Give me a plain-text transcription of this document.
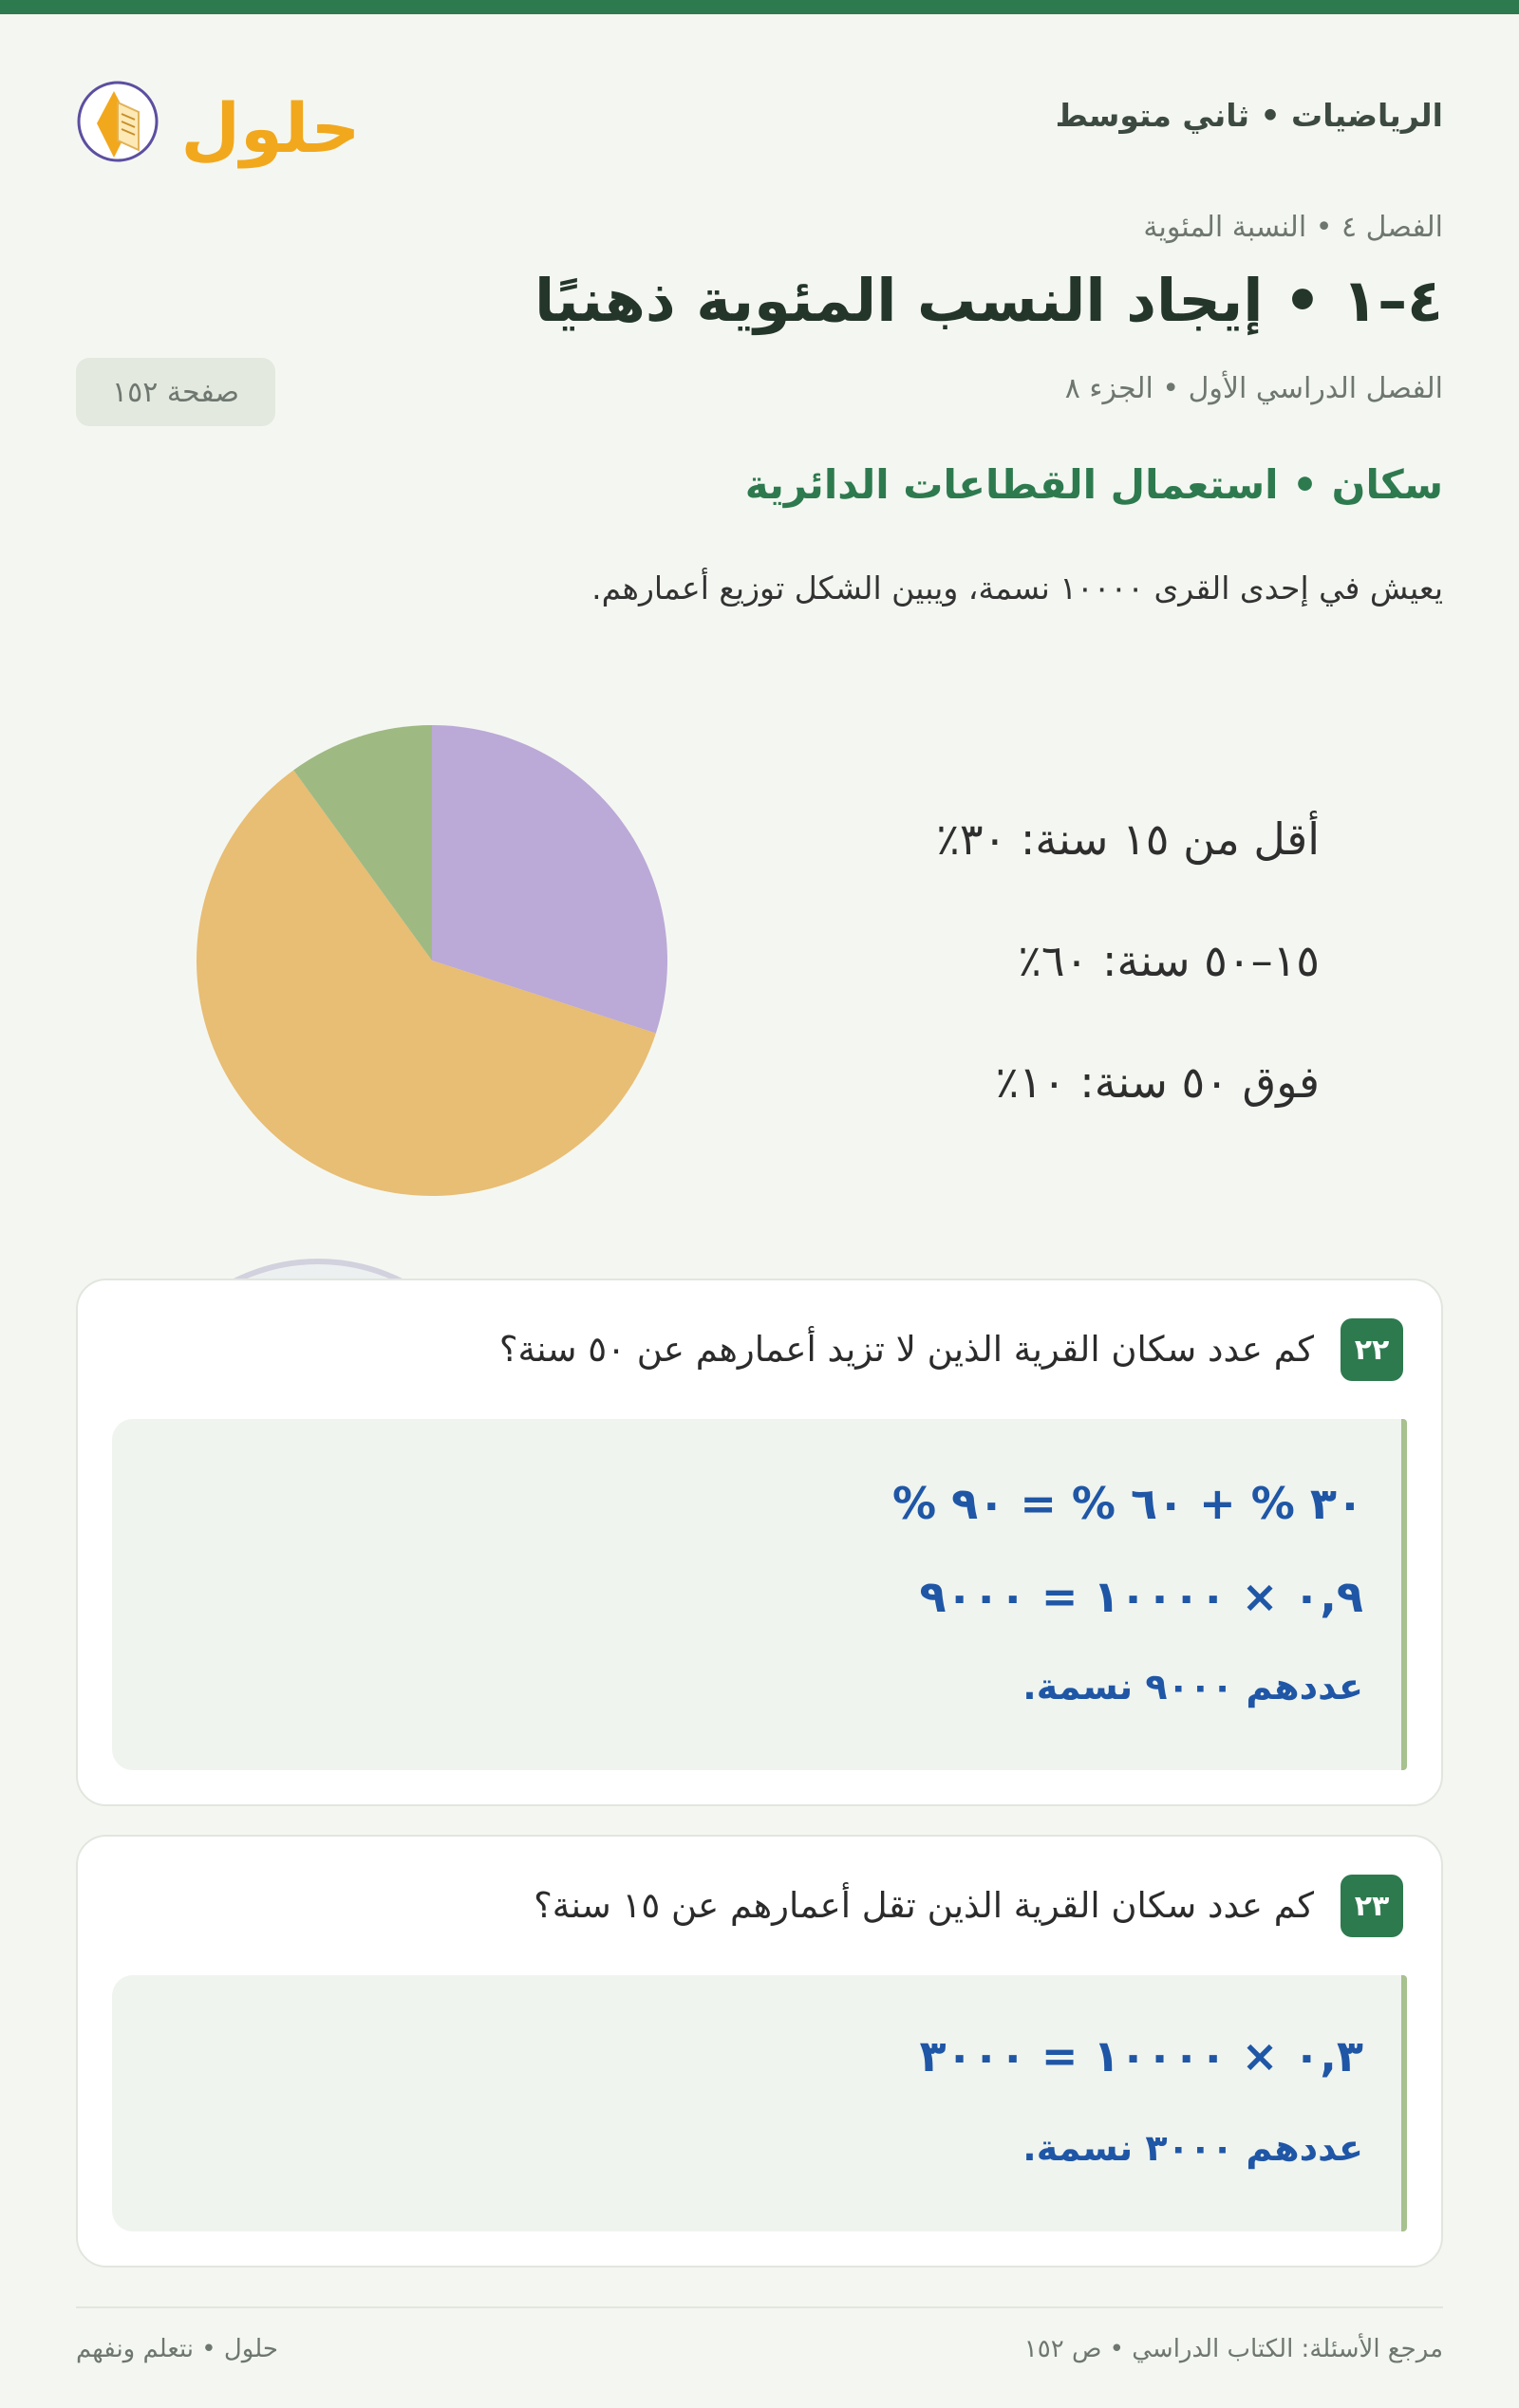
الرياضيات • ثاني متوسط
حلول
الفصل ٤ • النسبة المئوية
٤–١ • إيجاد النسب المئوية ذهنيًا
الفصل الدراسي الأول • الجزء ٨
صفحة ١٥٢
سكان • استعمال القطاعات الدائرية
يعيش في إحدى القرى ١٠٠٠٠ نسمة، ويبين الشكل توزيع أعمارهم.
أقل من ١٥ سنة: ٣٠٪
١٥–٥٠ سنة: ٦٠٪
فوق ٥٠ سنة: ١٠٪
٢٢
كم عدد سكان القرية الذين لا تزيد أعمارهم عن ٥٠ سنة؟
٣٠ % + ٦٠ % = ٩٠ %
٠,٩ × ١٠٠٠٠ = ٩٠٠٠
عددهم ٩٠٠٠ نسمة.
٢٣
كم عدد سكان القرية الذين تقل أعمارهم عن ١٥ سنة؟
٠,٣ × ١٠٠٠٠ = ٣٠٠٠
عددهم ٣٠٠٠ نسمة.
مرجع الأسئلة: الكتاب الدراسي • ص ١٥٢
حلول • نتعلم ونفهم
